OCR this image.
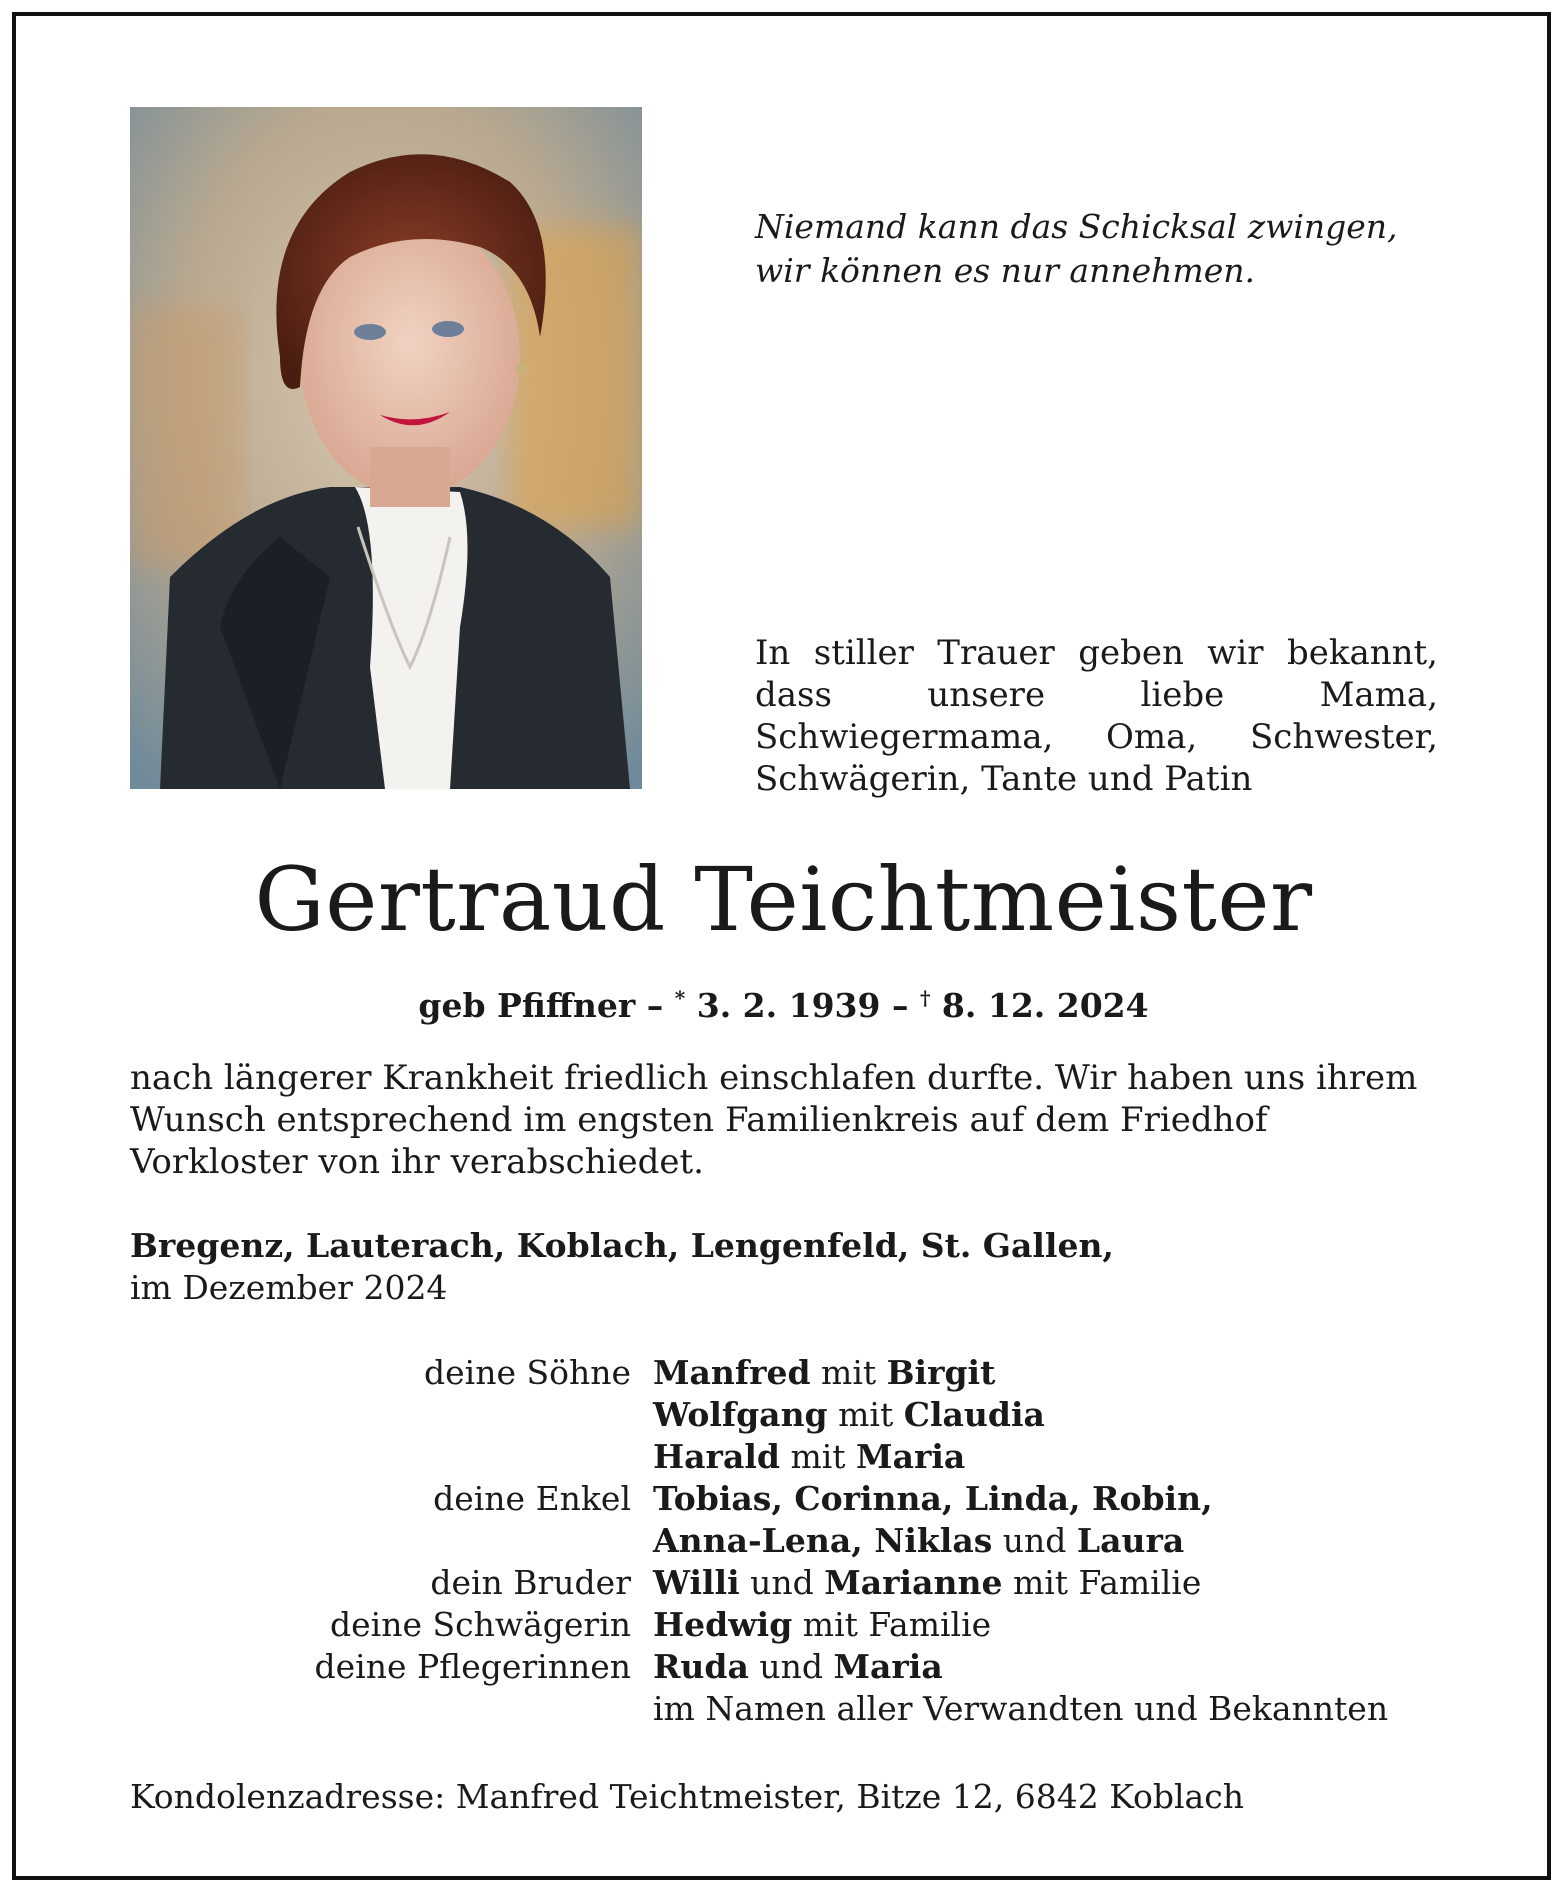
Niemand kann das Schicksal zwingen,
wir können es nur annehmen.
In stiller Trauer geben wir bekannt, dass unsere liebe Mama, Schwiegermama, Oma, Schwester, Schwägerin, Tante und Patin
Gertraud Teichtmeister
geb Pfiffner – * 3. 2. 1939 – † 8. 12. 2024
nach längerer Krankheit friedlich einschlafen durfte. Wir haben uns ihrem Wunsch entsprechend im engsten Familienkreis auf dem Friedhof Vorkloster von ihr verabschiedet.
Bregenz, Lauterach, Koblach, Lengenfeld, St. Gallen,
im Dezember 2024
deine Söhne Manfred mit Birgit
Wolfgang mit Claudia
Harald mit Maria
deine Enkel Tobias, Corinna, Linda, Robin,
Anna-Lena, Niklas und Laura
dein Bruder Willi und Marianne mit Familie
deine Schwägerin Hedwig mit Familie
deine Pflegerinnen Ruda und Maria
im Namen aller Verwandten und Bekannten
Kondolenzadresse: Manfred Teichtmeister, Bitze 12, 6842 Koblach
